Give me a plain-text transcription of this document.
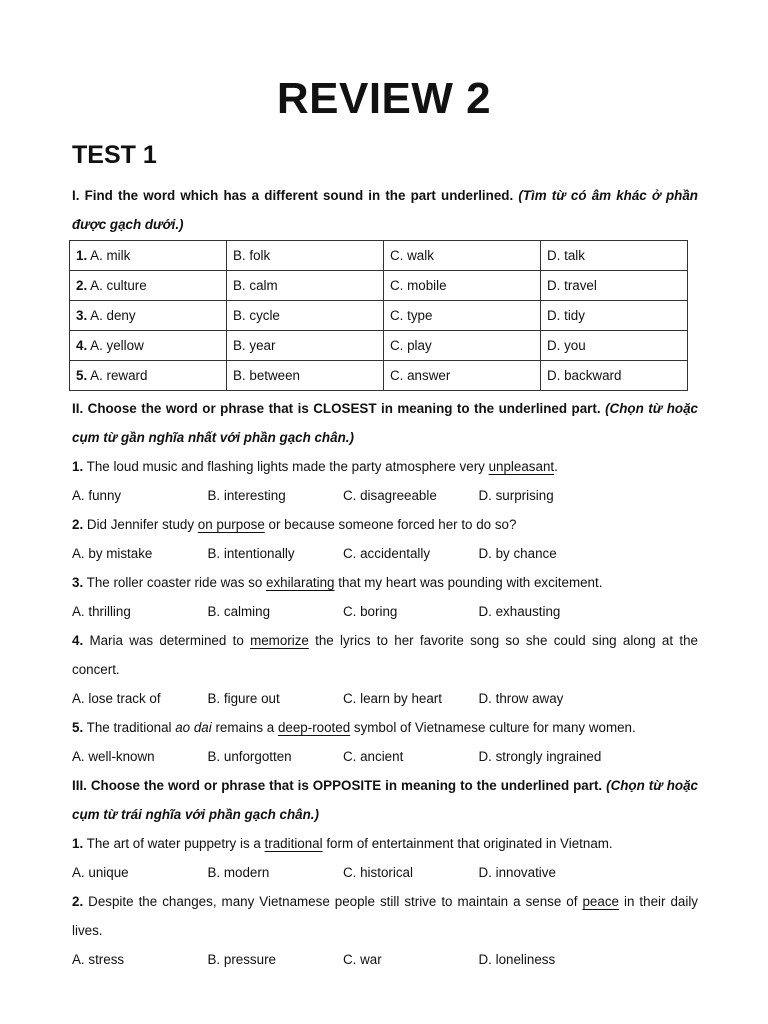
REVIEW 2
TEST 1

I. Find the word which has a different sound in the part underlined. (Tìm từ có âm khác ở phần được gạch dưới.)

1. A. milk	B. folk	C. walk	D. talk
2. A. culture	B. calm	C. mobile	D. travel
3. A. deny	B. cycle	C. type	D. tidy
4. A. yellow	B. year	C. play	D. you
5. A. reward	B. between	C. answer	D. backward

II. Choose the word or phrase that is CLOSEST in meaning to the underlined part. (Chọn từ hoặc cụm từ gần nghĩa nhất với phần gạch chân.)

1. The loud music and flashing lights made the party atmosphere very unpleasant.

A. funny	B. interesting	C. disagreeable	D. surprising

2. Did Jennifer study on purpose or because someone forced her to do so?

A. by mistake	B. intentionally	C. accidentally	D. by chance

3. The roller coaster ride was so exhilarating that my heart was pounding with excitement.

A. thrilling	B. calming	C. boring	D. exhausting

4. Maria was determined to memorize the lyrics to her favorite song so she could sing along at the concert.

A. lose track of	B. figure out	C. learn by heart	D. throw away

5. The traditional ao dai remains a deep-rooted symbol of Vietnamese culture for many women.

A. well-known	B. unforgotten	C. ancient	D. strongly ingrained

III. Choose the word or phrase that is OPPOSITE in meaning to the underlined part. (Chọn từ hoặc cụm từ trái nghĩa với phần gạch chân.)

1. The art of water puppetry is a traditional form of entertainment that originated in Vietnam.

A. unique	B. modern	C. historical	D. innovative

2. Despite the changes, many Vietnamese people still strive to maintain a sense of peace in their daily lives.

A. stress	B. pressure	C. war	D. loneliness
